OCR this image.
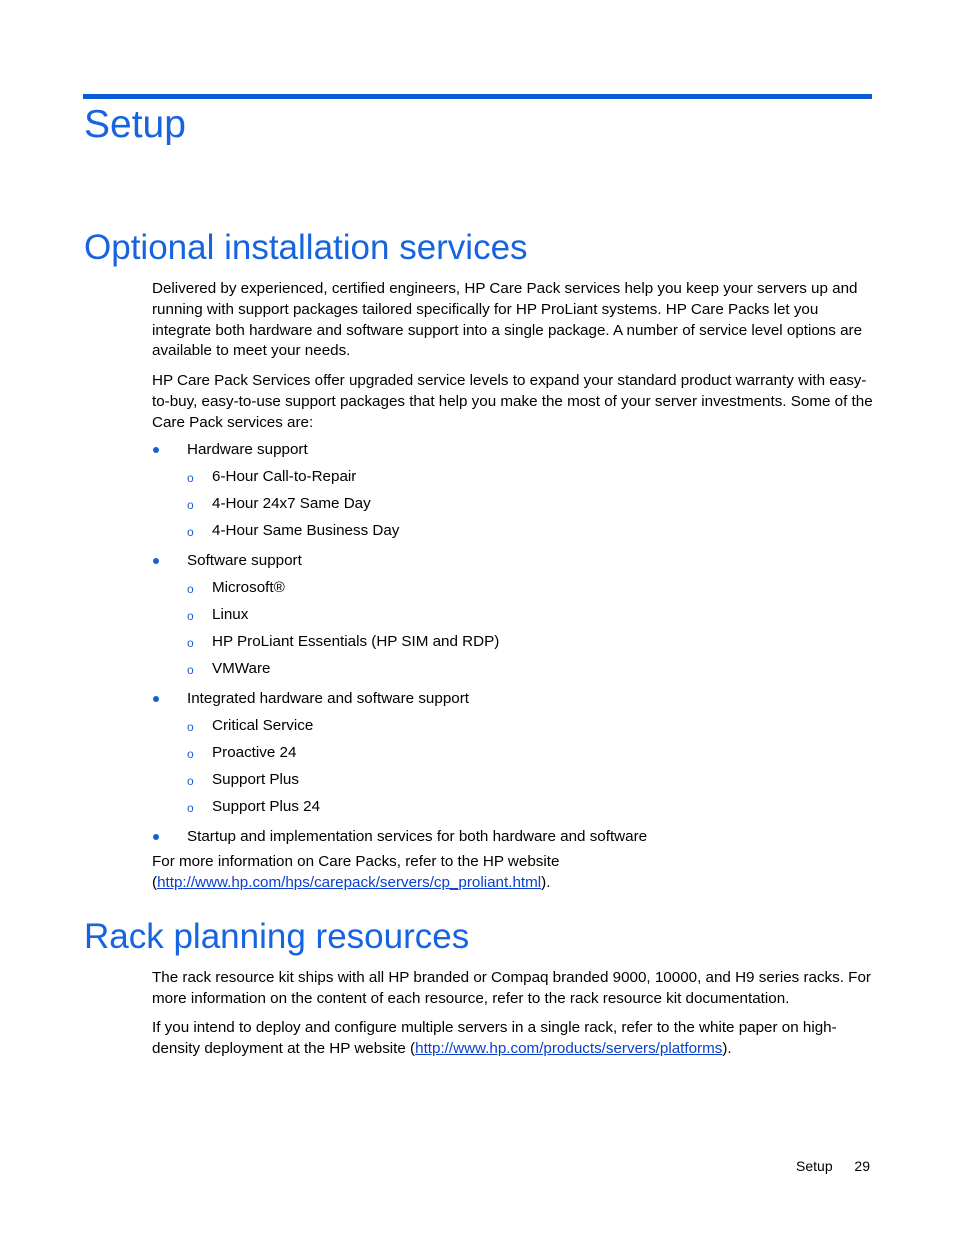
Setup
Optional installation services

Delivered by experienced, certified engineers, HP Care Pack services help you keep your servers up and running with support packages tailored specifically for HP ProLiant systems. HP Care Packs let you integrate both hardware and software support into a single package. A number of service level options are available to meet your needs.

HP Care Pack Services offer upgraded service levels to expand your standard product warranty with easy-to-buy, easy-to-use support packages that help you make the most of your server investments. Some of the Care Pack services are:

Hardware support
o 6-Hour Call-to-Repair
o 4-Hour 24x7 Same Day
o 4-Hour Same Business Day
Software support
o Microsoft®
o Linux
o HP ProLiant Essentials (HP SIM and RDP)
o VMWare
Integrated hardware and software support
o Critical Service
o Proactive 24
o Support Plus
o Support Plus 24
Startup and implementation services for both hardware and software
For more information on Care Packs, refer to the HP website
(http://www.hp.com/hps/carepack/servers/cp_proliant.html).
Rack planning resources

The rack resource kit ships with all HP branded or Compaq branded 9000, 10000, and H9 series racks. For more information on the content of each resource, refer to the rack resource kit documentation.

If you intend to deploy and configure multiple servers in a single rack, refer to the white paper on high-density deployment at the HP website (http://www.hp.com/products/servers/platforms).

Setup 29
